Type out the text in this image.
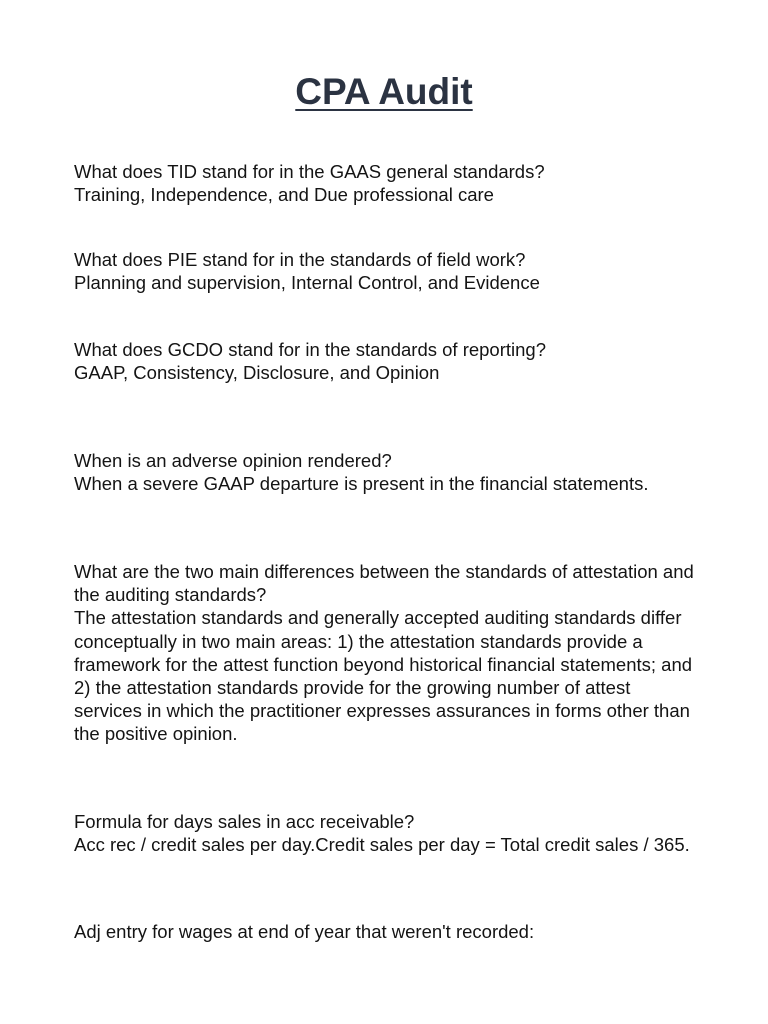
CPA Audit

What does TID stand for in the GAAS general standards?

Training, Independence, and Due professional care

What does PIE stand for in the standards of field work?

Planning and supervision, Internal Control, and Evidence

What does GCDO stand for in the standards of reporting?

GAAP, Consistency, Disclosure, and Opinion

When is an adverse opinion rendered?

When a severe GAAP departure is present in the financial statements.

What are the two main differences between the standards of attestation and the auditing standards?

The attestation standards and generally accepted auditing standards differ conceptually in two main areas: 1) the attestation standards provide a framework for the attest function beyond historical financial statements; and 2) the attestation standards provide for the growing number of attest services in which the practitioner expresses assurances in forms other than the positive opinion.

Formula for days sales in acc receivable?

Acc rec / credit sales per day.Credit sales per day = Total credit sales / 365.

Adj entry for wages at end of year that weren't recorded:
